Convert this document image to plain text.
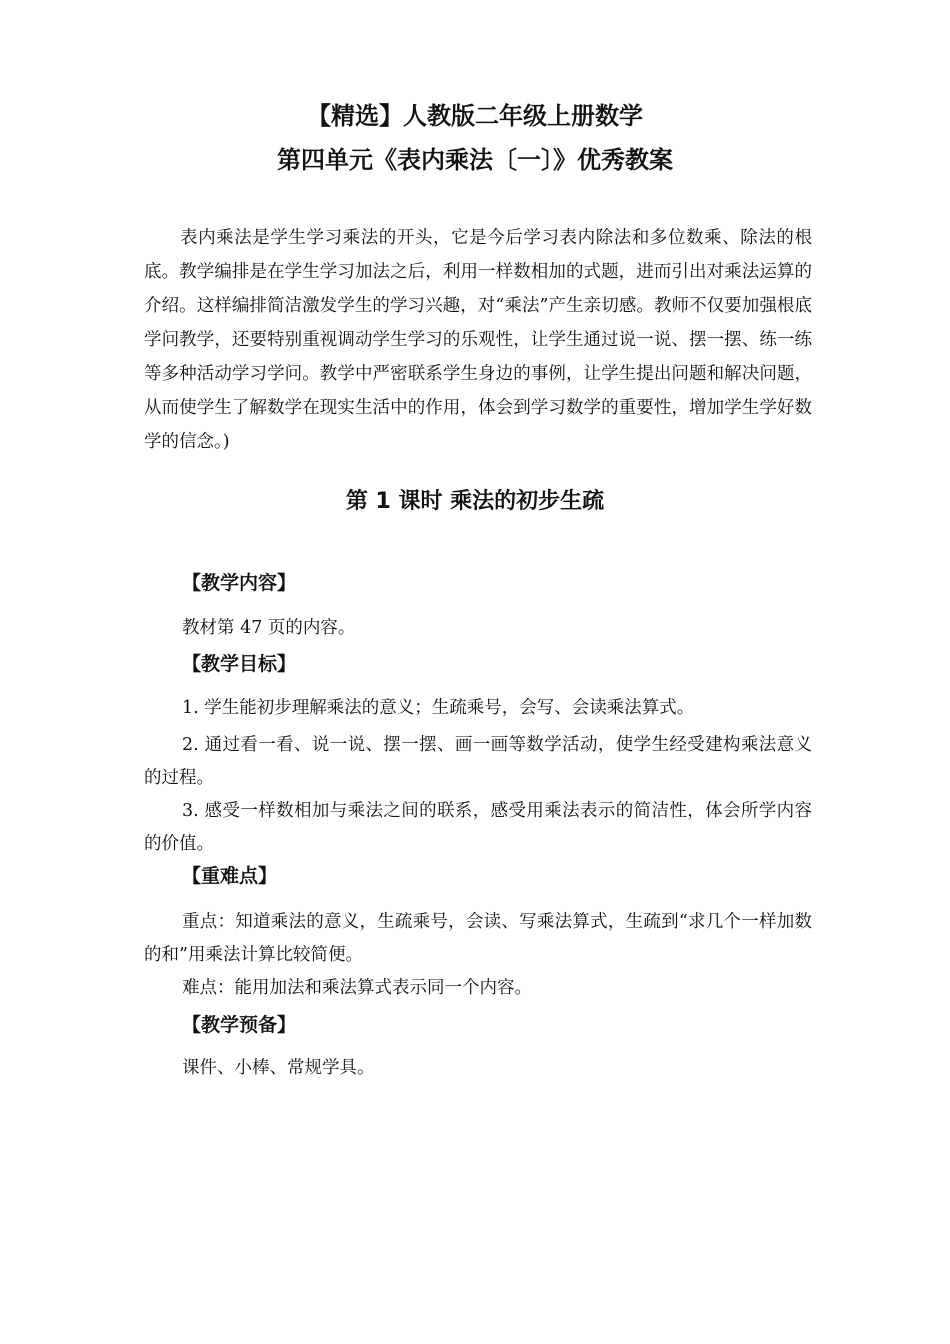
【精选】人教版二年级上册数学
第四单元《表内乘法〔一〕》优秀教案

表内乘法是学生学习乘法的开头，它是今后学习表内除法和多位数乘、除法的根底。教学编排是在学生学习加法之后，利用一样数相加的式题，进而引出对乘法运算的介绍。这样编排简洁激发学生的学习兴趣，对“乘法”产生亲切感。教师不仅要加强根底学问教学，还要特别重视调动学生学习的乐观性，让学生通过说一说、摆一摆、练一练等多种活动学习学问。教学中严密联系学生身边的事例，让学生提出问题和解决问题，从而使学生了解数学在现实生活中的作用，体会到学习数学的重要性，增加学生学好数学的信念。)

第 1 课时 乘法的初步生疏
【教学内容】

教材第 47 页的内容。

【教学目标】

1. 学生能初步理解乘法的意义；生疏乘号，会写、会读乘法算式。

2. 通过看一看、说一说、摆一摆、画一画等数学活动，使学生经受建构乘法意义的过程。

3. 感受一样数相加与乘法之间的联系，感受用乘法表示的简洁性，体会所学内容的价值。

【重难点】

重点：知道乘法的意义，生疏乘号，会读、写乘法算式，生疏到“求几个一样加数的和”用乘法计算比较简便。

难点：能用加法和乘法算式表示同一个内容。

【教学预备】

课件、小棒、常规学具。
